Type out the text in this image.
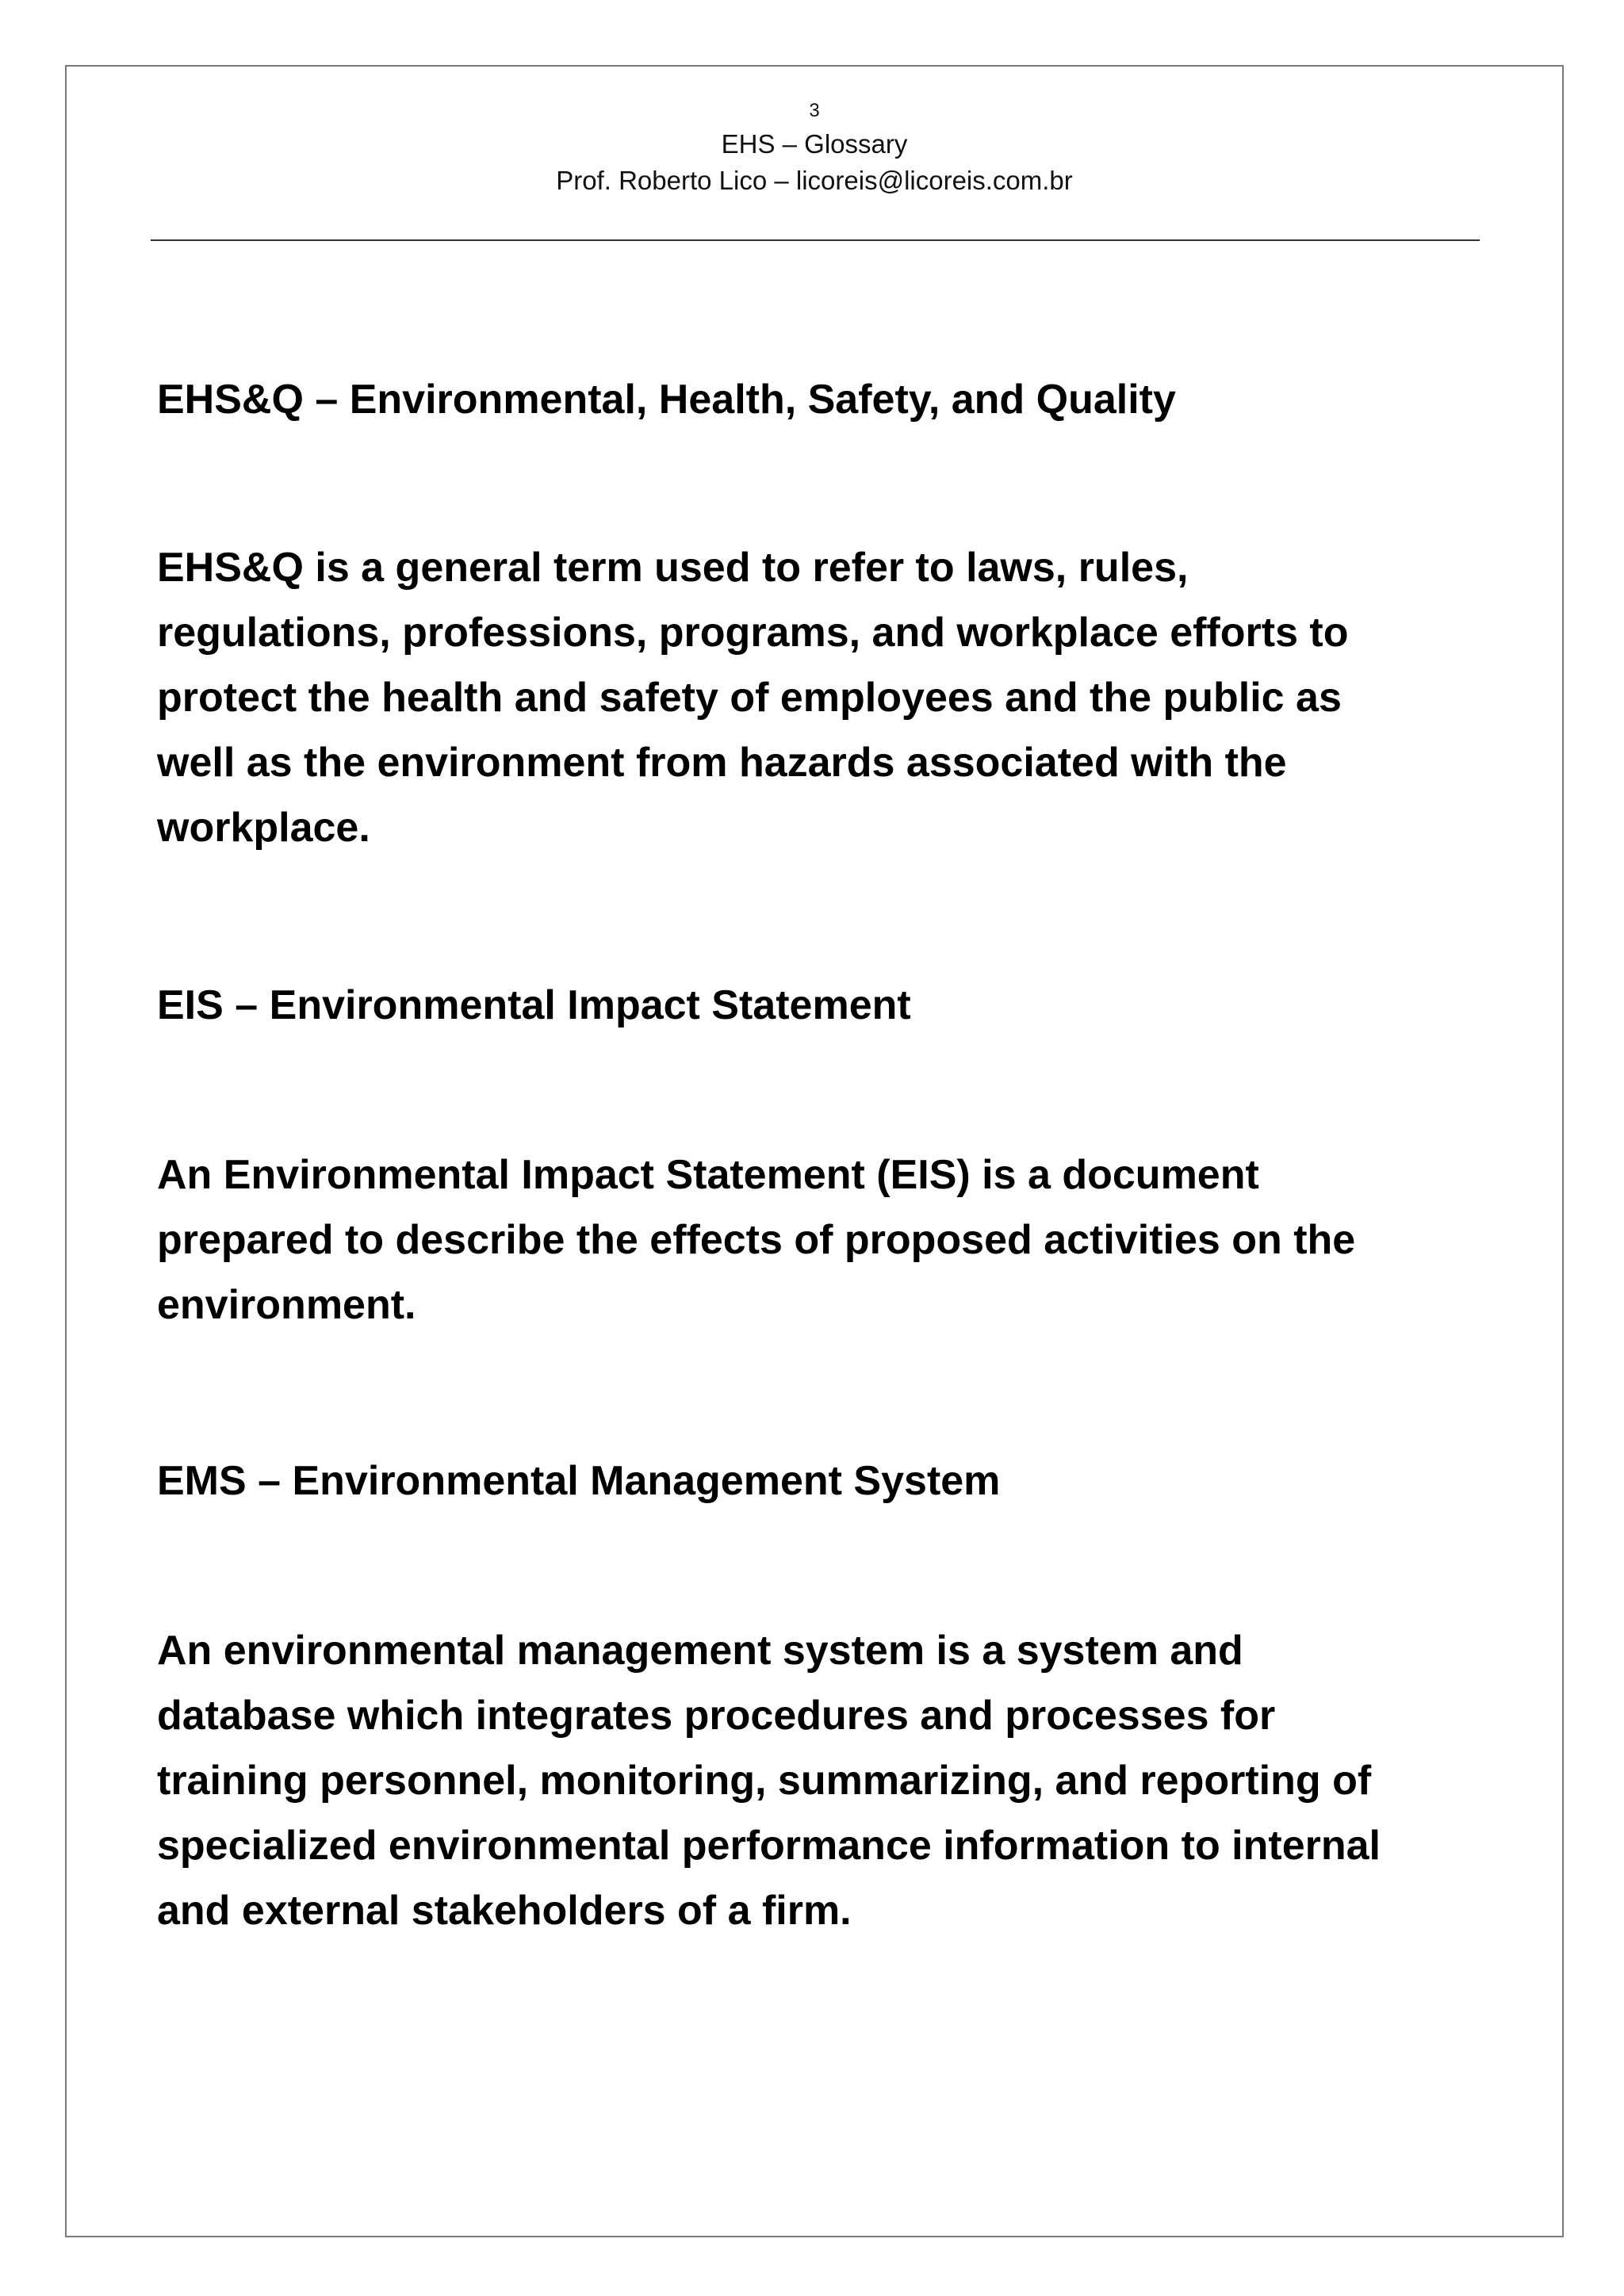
3
EHS – Glossary
Prof. Roberto Lico – licoreis@licoreis.com.br
EHS&Q – Environmental, Health, Safety, and Quality
EHS&Q is a general term used to refer to laws, rules,
regulations, professions, programs, and workplace efforts to
protect the health and safety of employees and the public as
well as the environment from hazards associated with the
workplace.
EIS – Environmental Impact Statement
An Environmental Impact Statement (EIS) is a document
prepared to describe the effects of proposed activities on the
environment.
EMS – Environmental Management System
An environmental management system is a system and
database which integrates procedures and processes for
training personnel, monitoring, summarizing, and reporting of
specialized environmental performance information to internal
and external stakeholders of a firm.
